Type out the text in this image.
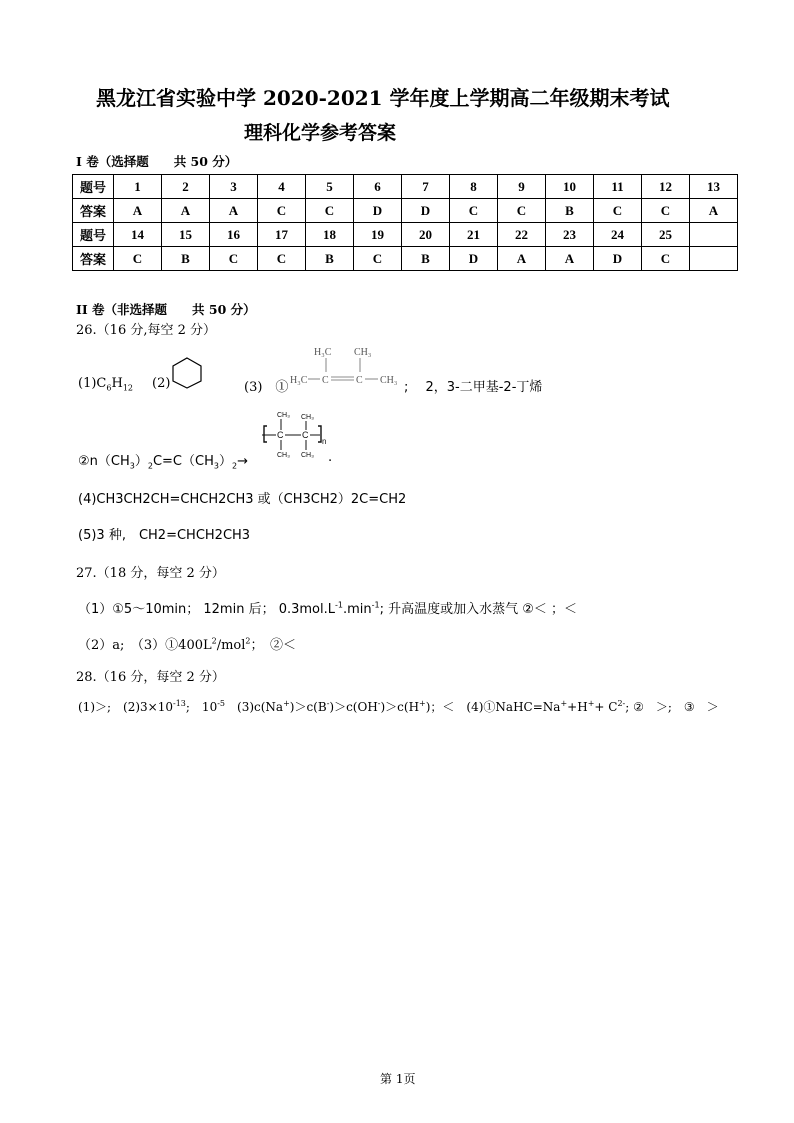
黑龙江省实验中学 2020-2021 学年度上学期高二年级期末考试
理科化学参考答案
I 卷（选择题　　共 50 分）
题号	1	2	3	4	5	6	7	8	9	10	11	12	13
答案	A	A	A	C	C	D	D	C	C	B	C	C	A
题号	14	15	16	17	18	19	20	21	22	23	24	25	
答案	C	B	C	C	B	C	B	D	A	A	D	C	
II 卷（非选择题　　共 50 分）
26.（16 分,每空 2 分）
$(1)C_6H_{12}$ (2)	(3)　①
H₃C CH₃
H₃C C	C CH₃ ;　 2，3-二甲基-2-丁烯
$②n(CH_3)_2C=C(CH_3)_2\to$
CH₃ CH₃
C C
n
CH₃ CH₃ .
(4)CH3CH2CH=CHCH2CH3 或（CH3CH2）2C=CH2
(5)3 种,　CH2=CHCH2CH3
27.（18 分，每空 2 分）
（1）①5～10min； 12min 后； $0.3mol.L^{-1}.\min^{-1}$; 升高温度或加入水蒸气 ②＜ ；＜
（2）a;　$(3)①400L^2/mol^2$；　②＜
28.（16 分，每空 2 分）
(1)＞;　$(2)3\times 10^{-13}$;　$10^{-5}$　(3)c(Na+)＞c(B-)＞c(OH-)＞c(H+)；＜　(4)①NaHC=Na++H++ $C^{2-}$; ②　＞;　③　＞
第 1页
